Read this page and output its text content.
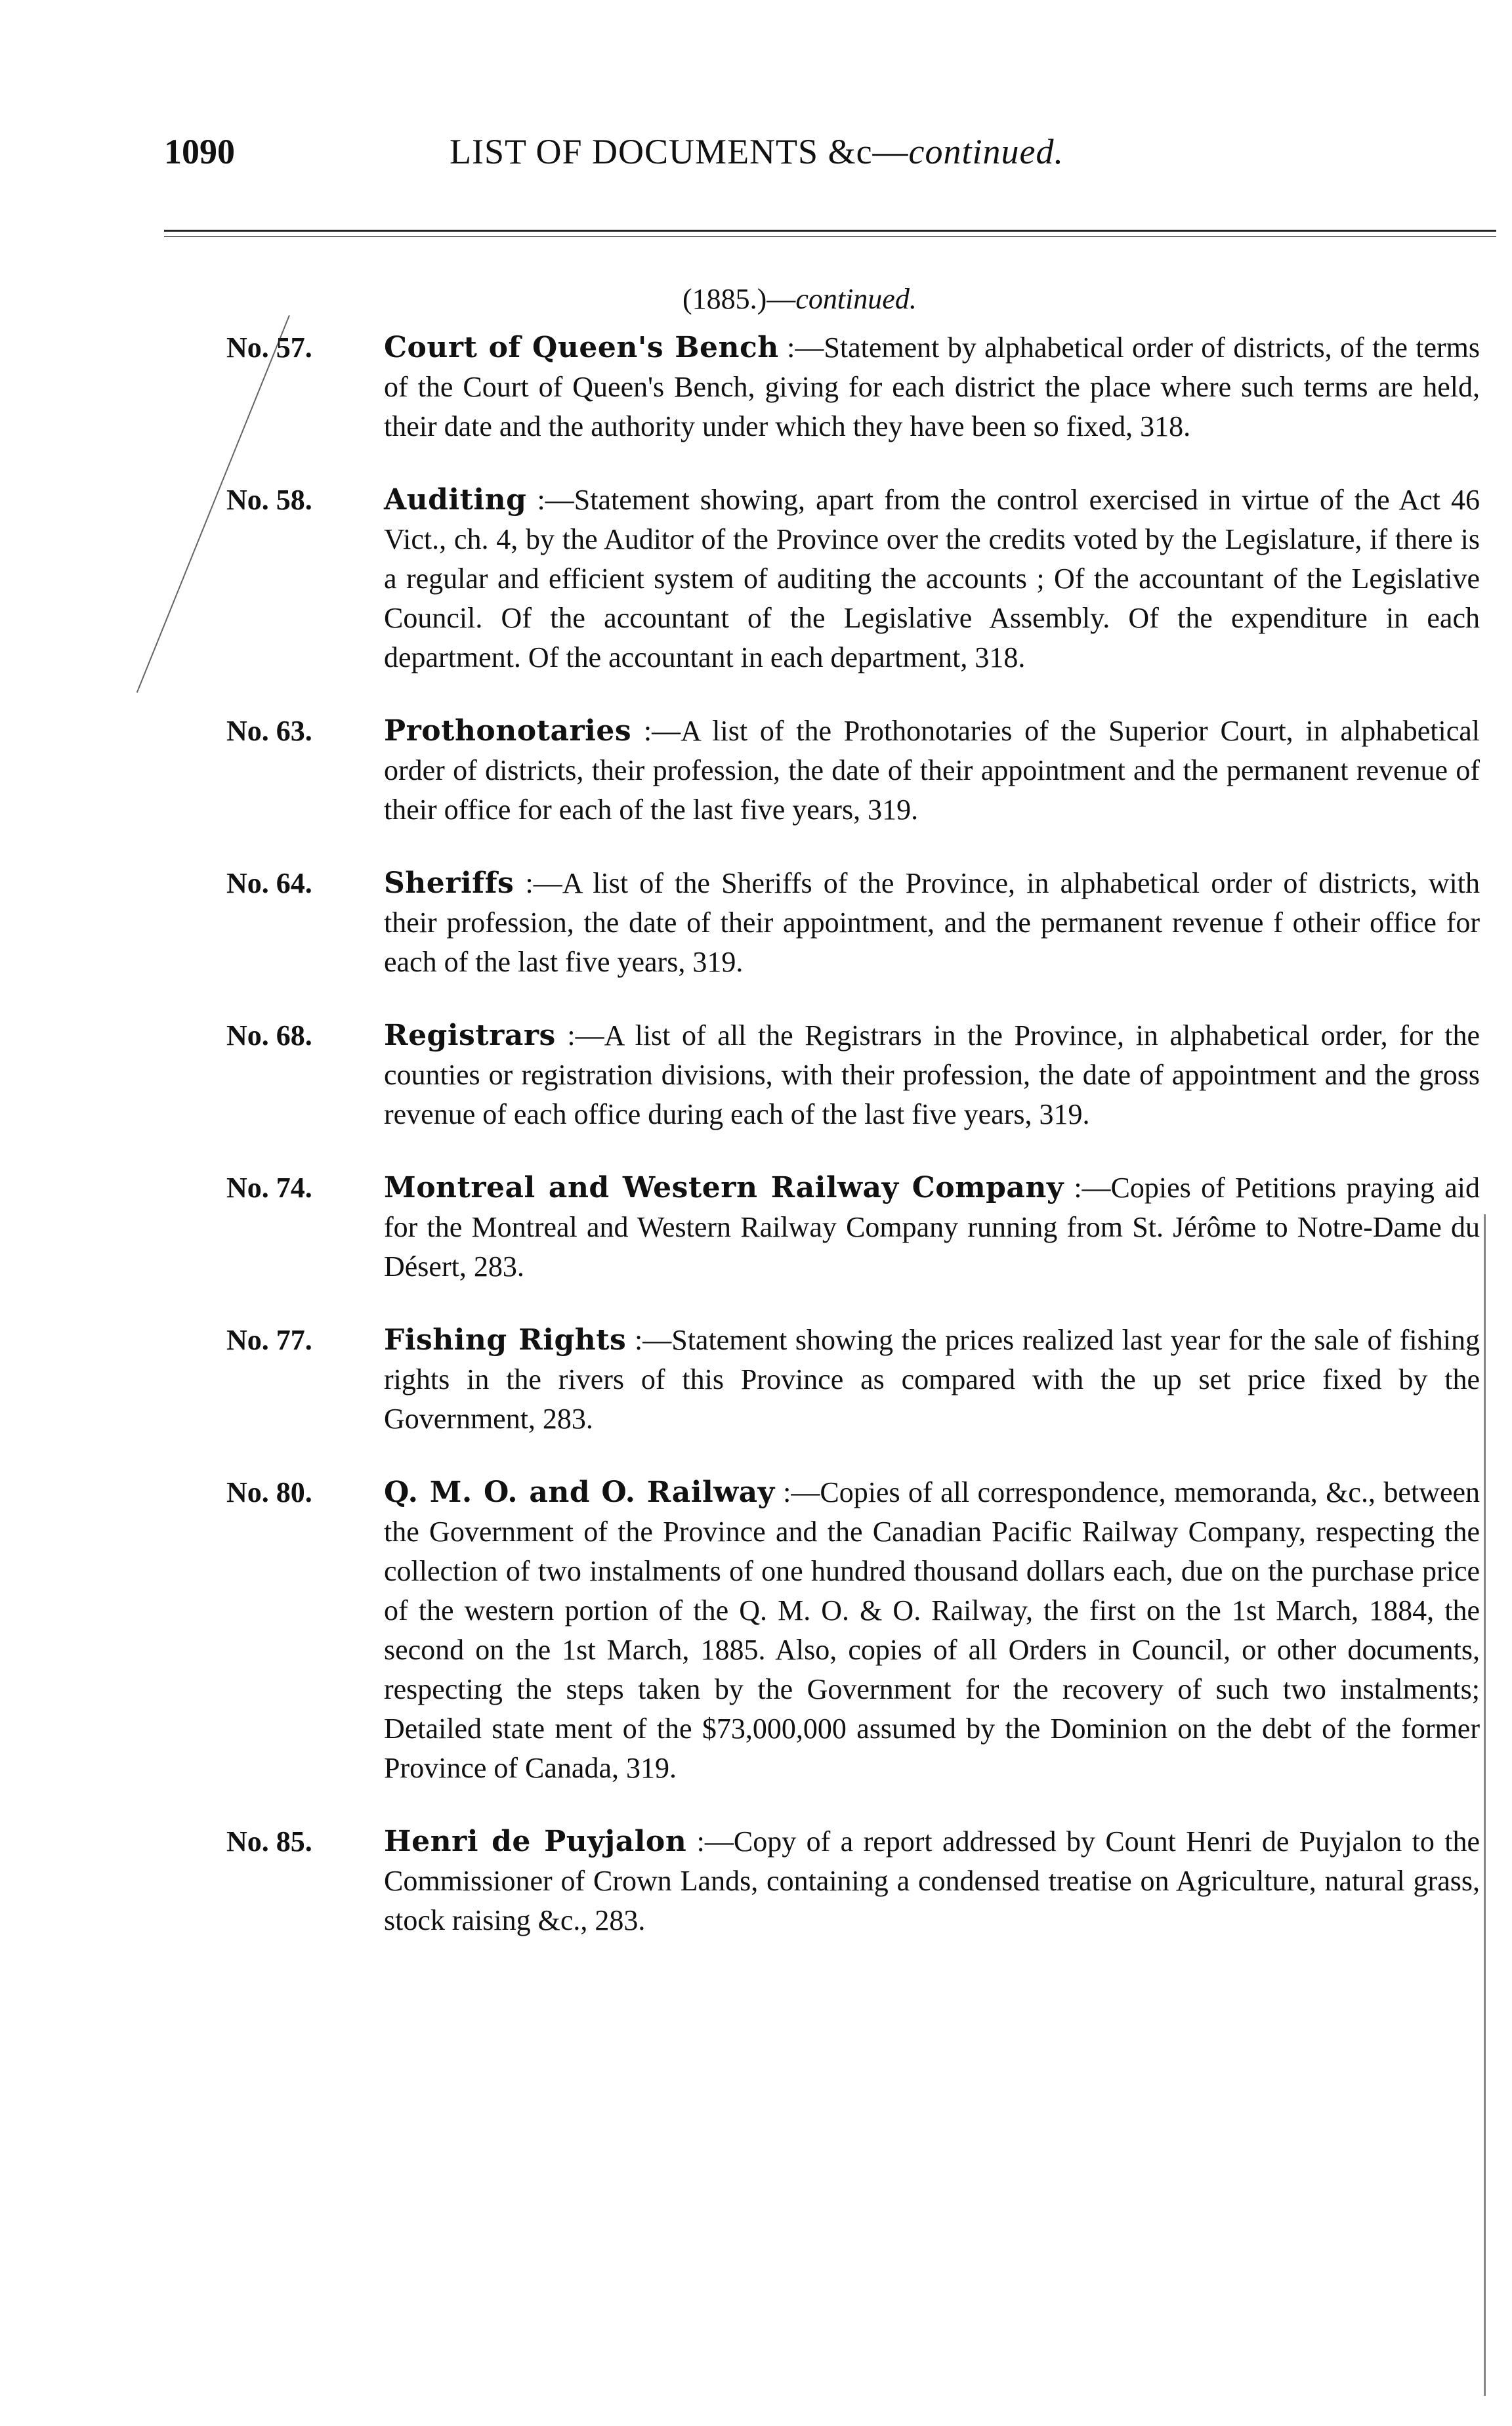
1090	LIST OF DOCUMENTS &c—continued.
(1885.)—continued.
No. 57.	Court of Queen's Bench :—Statement by alphabetical order of districts, of the terms of the Court of Queen's Bench, giving for each district the place where such terms are held, their date and the authority under which they have been so fixed, 318.
No. 58.	Auditing :—Statement showing, apart from the control exercised in virtue of the Act 46 Vict., ch. 4, by the Auditor of the Province over the credits voted by the Legislature, if there is a regular and efficient system of auditing the accounts ; Of the accountant of the Legislative Council. Of the accountant of the Legislative Assembly. Of the expenditure in each department. Of the accountant in each department, 318.
No. 63.	Prothonotaries :—A list of the Prothonotaries of the Superior Court, in alphabetical order of districts, their profession, the date of their appointment and the permanent revenue of their office for each of the last five years, 319.
No. 64.	Sheriffs :—A list of the Sheriffs of the Province, in alphabetical order of districts, with their profession, the date of their appointment, and the permanent revenue f otheir office for each of the last five years, 319.
No. 68.	Registrars :—A list of all the Registrars in the Province, in alphabetical order, for the counties or registration divisions, with their profession, the date of appointment and the gross revenue of each office during each of the last five years, 319.
No. 74.	Montreal and Western Railway Company :—Copies of Petitions praying aid for the Montreal and Western Railway Company running from St. Jérôme to Notre-Dame du Désert, 283.
No. 77.	Fishing Rights :—Statement showing the prices realized last year for the sale of fishing rights in the rivers of this Province as compared with the up set price fixed by the Government, 283.
No. 80.	Q. M. O. and O. Railway :—Copies of all correspondence, memoranda, &c., between the Government of the Province and the Canadian Pacific Railway Company, respecting the collection of two instalments of one hundred thousand dollars each, due on the purchase price of the western portion of the Q. M. O. & O. Railway, the first on the 1st March, 1884, the second on the 1st March, 1885. Also, copies of all Orders in Council, or other documents, respecting the steps taken by the Government for the recovery of such two instalments; Detailed state ment of the $73,000,000 assumed by the Dominion on the debt of the former Province of Canada, 319.
No. 85.	Henri de Puyjalon :—Copy of a report addressed by Count Henri de Puyjalon to the Commissioner of Crown Lands, containing a condensed treatise on Agriculture, natural grass, stock raising &c., 283.
